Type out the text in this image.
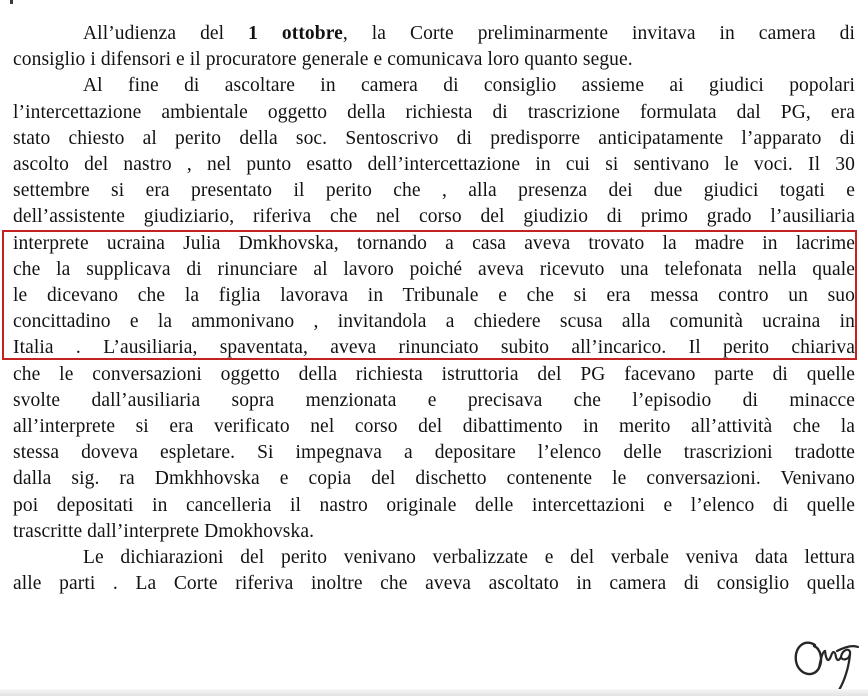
All’udienza del 1 ottobre, la Corte preliminarmente invitava in camera di
consiglio i difensori e il procuratore generale e comunicava loro quanto segue.
Al fine di ascoltare in camera di consiglio assieme ai giudici popolari
l’intercettazione ambientale oggetto della richiesta di trascrizione formulata dal PG, era
stato chiesto al perito della soc. Sentoscrivo di predisporre anticipatamente l’apparato di
ascolto del nastro , nel punto esatto dell’intercettazione in cui si sentivano le voci. Il 30
settembre si era presentato il perito che , alla presenza dei due giudici togati e
dell’assistente giudiziario, riferiva che nel corso del giudizio di primo grado l’ausiliaria
interprete ucraina Julia Dmkhovska, tornando a casa aveva trovato la madre in lacrime
che la supplicava di rinunciare al lavoro poiché aveva ricevuto una telefonata nella quale
le dicevano che la figlia lavorava in Tribunale e che si era messa contro un suo
concittadino e la ammonivano , invitandola a chiedere scusa alla comunità ucraina in
Italia . L’ausiliaria, spaventata, aveva rinunciato subito all’incarico. Il perito chiariva
che le conversazioni oggetto della richiesta istruttoria del PG facevano parte di quelle
svolte dall’ausiliaria sopra menzionata e precisava che l’episodio di minacce
all’interprete si era verificato nel corso del dibattimento in merito all’attività che la
stessa doveva espletare. Si impegnava a depositare l’elenco delle trascrizioni tradotte
dalla sig. ra Dmkhhovska e copia del dischetto contenente le conversazioni. Venivano
poi depositati in cancelleria il nastro originale delle intercettazioni e l’elenco di quelle
trascritte dall’interprete Dmokhovska.
Le dichiarazioni del perito venivano verbalizzate e del verbale veniva data lettura
alle parti . La Corte riferiva inoltre che aveva ascoltato in camera di consiglio quella
